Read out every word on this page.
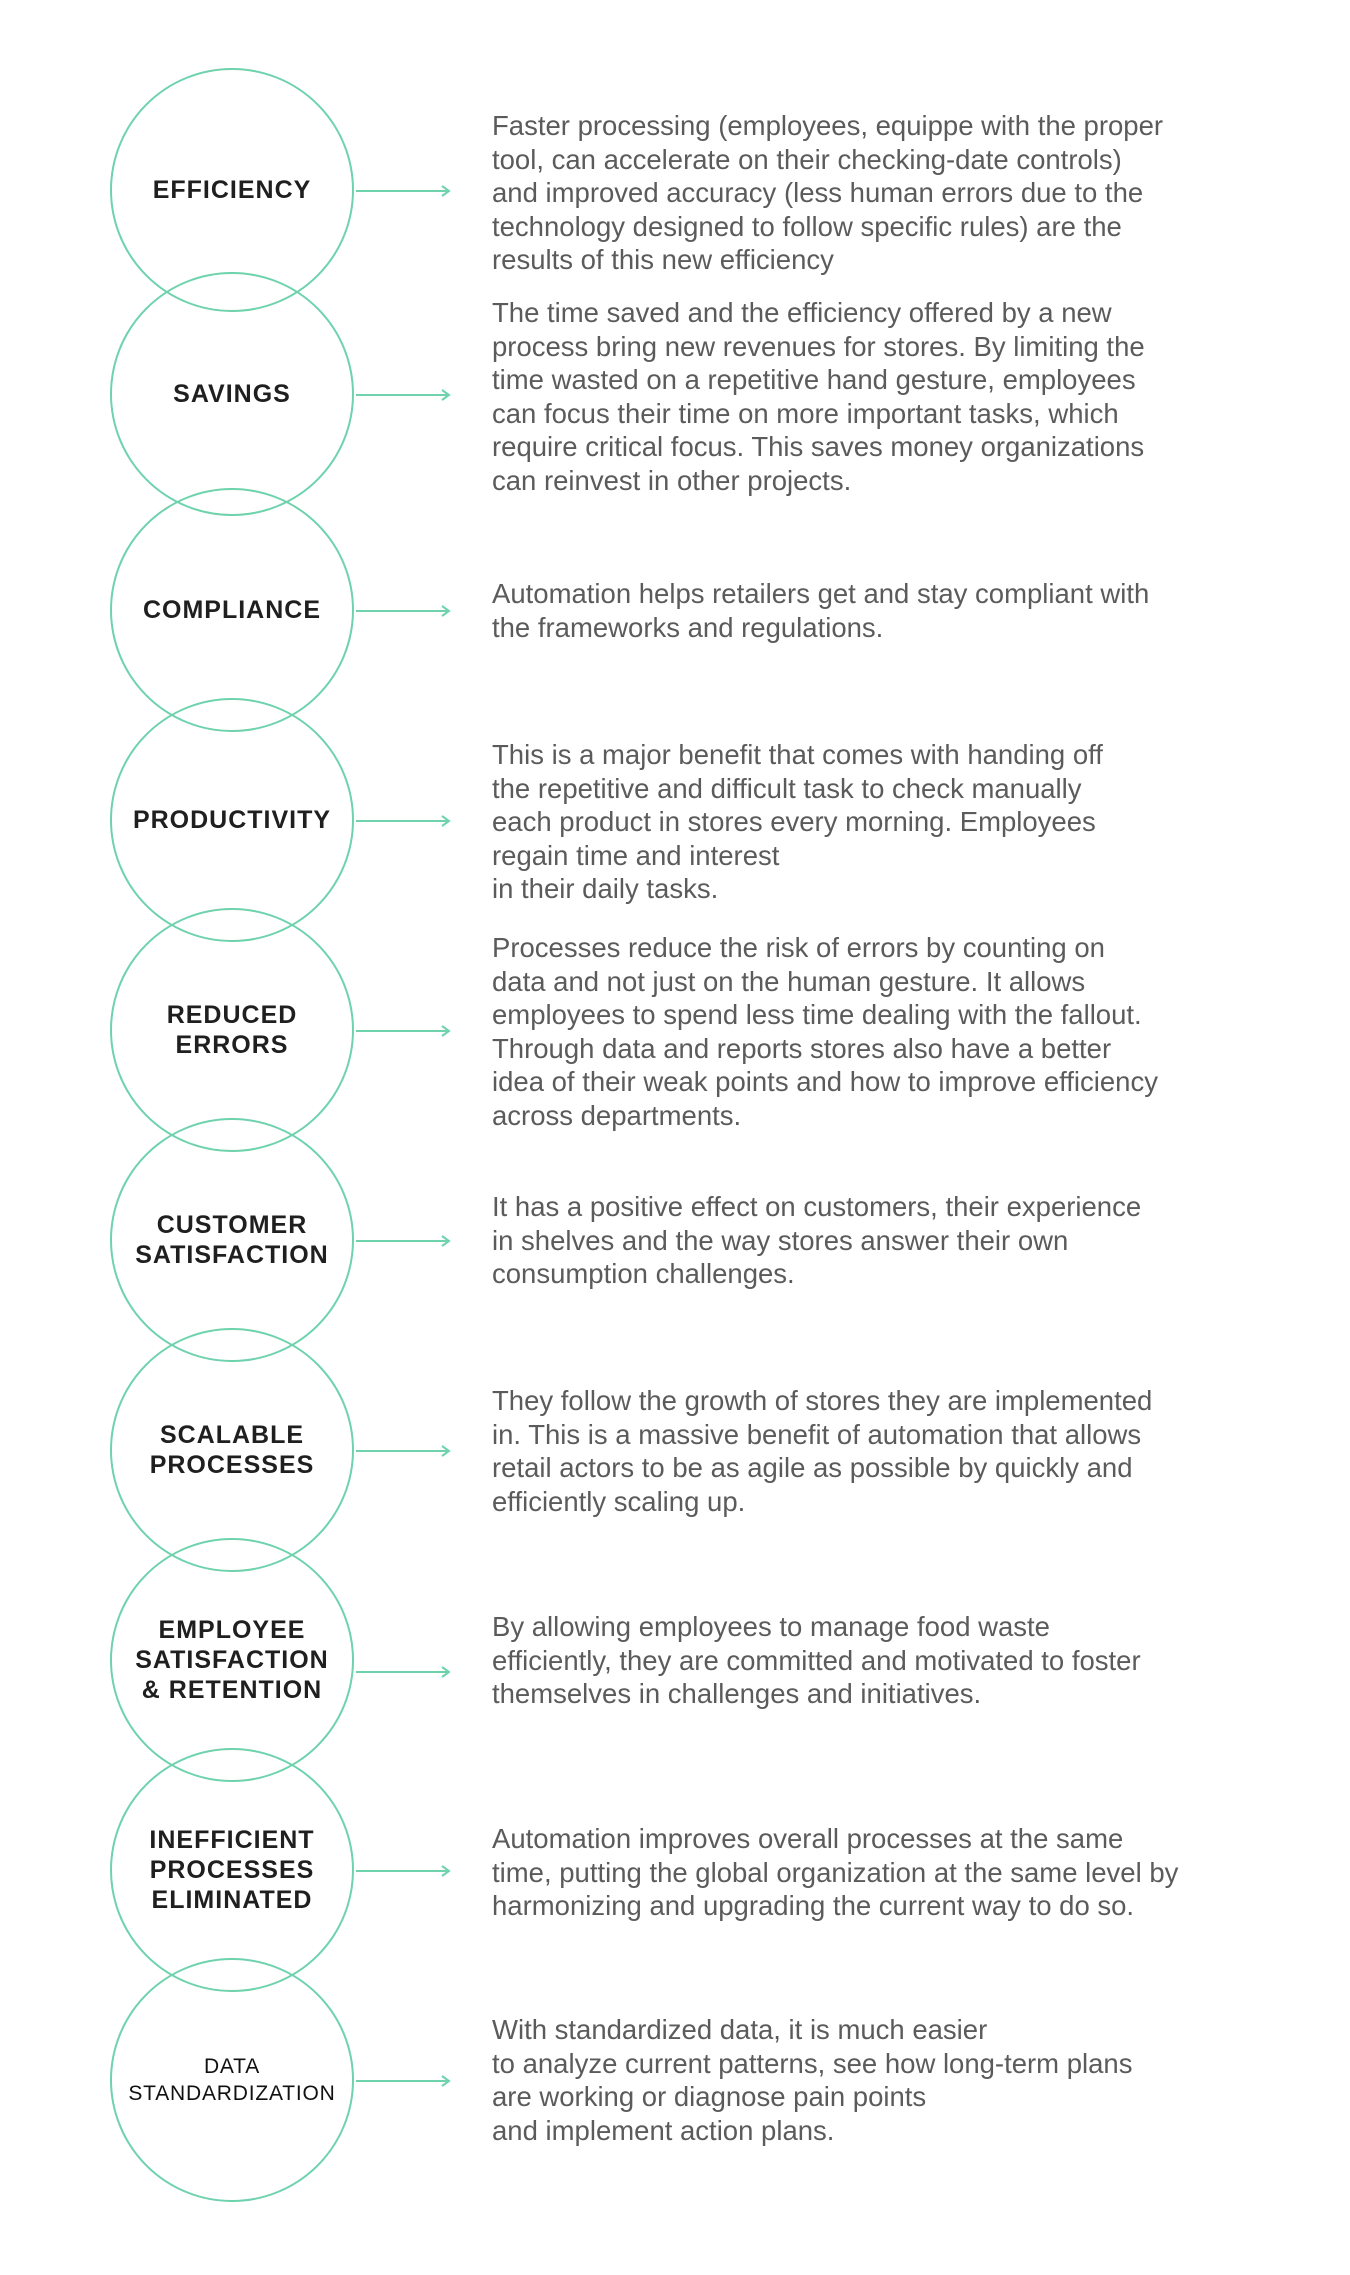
EFFICIENCY
Faster processing (employees, equippe with the proper
tool, can accelerate on their checking-date controls)
and improved accuracy (less human errors due to the
technology designed to follow specific rules) are the
results of this new efficiency
SAVINGS
The time saved and the efficiency offered by a new
process bring new revenues for stores. By limiting the
time wasted on a repetitive hand gesture, employees
can focus their time on more important tasks, which
require critical focus. This saves money organizations
can reinvest in other projects.
COMPLIANCE
Automation helps retailers get and stay compliant with
the frameworks and regulations.
PRODUCTIVITY
This is a major benefit that comes with handing off
the repetitive and difficult task to check manually
each product in stores every morning. Employees
regain time and interest
in their daily tasks.
REDUCED
ERRORS
Processes reduce the risk of errors by counting on
data and not just on the human gesture. It allows
employees to spend less time dealing with the fallout.
Through data and reports stores also have a better
idea of their weak points and how to improve efficiency
across departments.
CUSTOMER
SATISFACTION
It has a positive effect on customers, their experience
in shelves and the way stores answer their own
consumption challenges.
SCALABLE
PROCESSES
They follow the growth of stores they are implemented
in. This is a massive benefit of automation that allows
retail actors to be as agile as possible by quickly and
efficiently scaling up.
EMPLOYEE
SATISFACTION
& RETENTION
By allowing employees to manage food waste
efficiently, they are committed and motivated to foster
themselves in challenges and initiatives.
INEFFICIENT
PROCESSES
ELIMINATED
Automation improves overall processes at the same
time, putting the global organization at the same level by
harmonizing and upgrading the current way to do so.
DATA
STANDARDIZATION
With standardized data, it is much easier
to analyze current patterns, see how long-term plans
are working or diagnose pain points
and implement action plans.
